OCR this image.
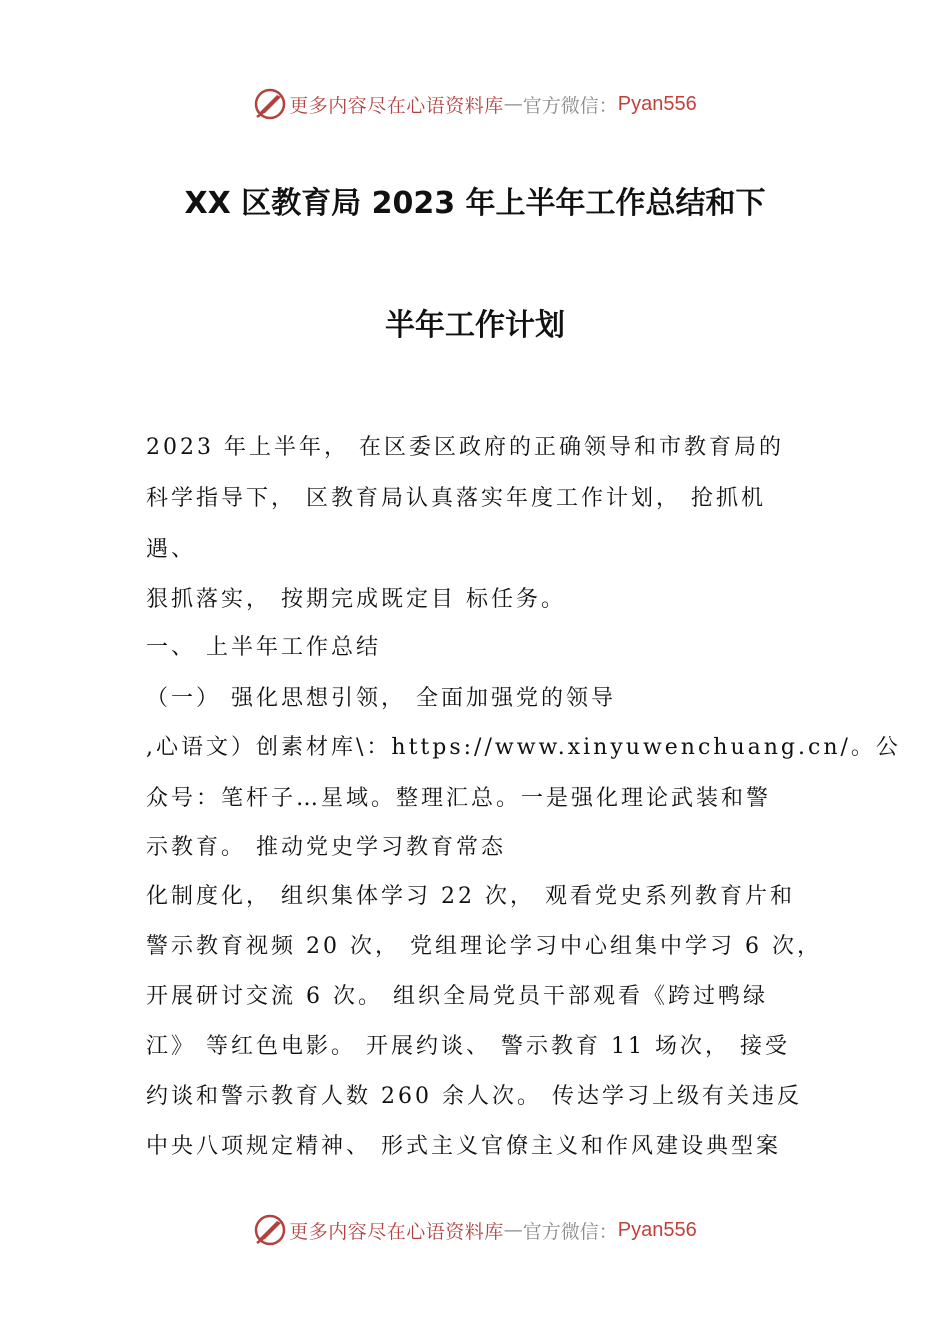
更多内容尽在心语资料库 — 官方微信： Pyan556
XX 区教育局 2023 年上半年工作总结和下
半年工作计划
2023 年上半年， 在区委区政府的正确领导和市教育局的
科学指导下， 区教育局认真落实年度工作计划， 抢抓机
遇、
狠抓落实， 按期完成既定目 标任务。
一、 上半年工作总结
（一） 强化思想引领， 全面加强党的领导
,心语文）创素材库\：https://www.xinyuwenchuang.cn/。公
众号：笔杆子…星域。整理汇总。一是强化理论武装和警
示教育。 推动党史学习教育常态
化制度化， 组织集体学习 22 次， 观看党史系列教育片和
警示教育视频 20 次， 党组理论学习中心组集中学习 6 次，
开展研讨交流 6 次。 组织全局党员干部观看《跨过鸭绿
江》 等红色电影。 开展约谈、 警示教育 11 场次， 接受
约谈和警示教育人数 260 余人次。 传达学习上级有关违反
中央八项规定精神、 形式主义官僚主义和作风建设典型案
更多内容尽在心语资料库 — 官方微信： Pyan556
